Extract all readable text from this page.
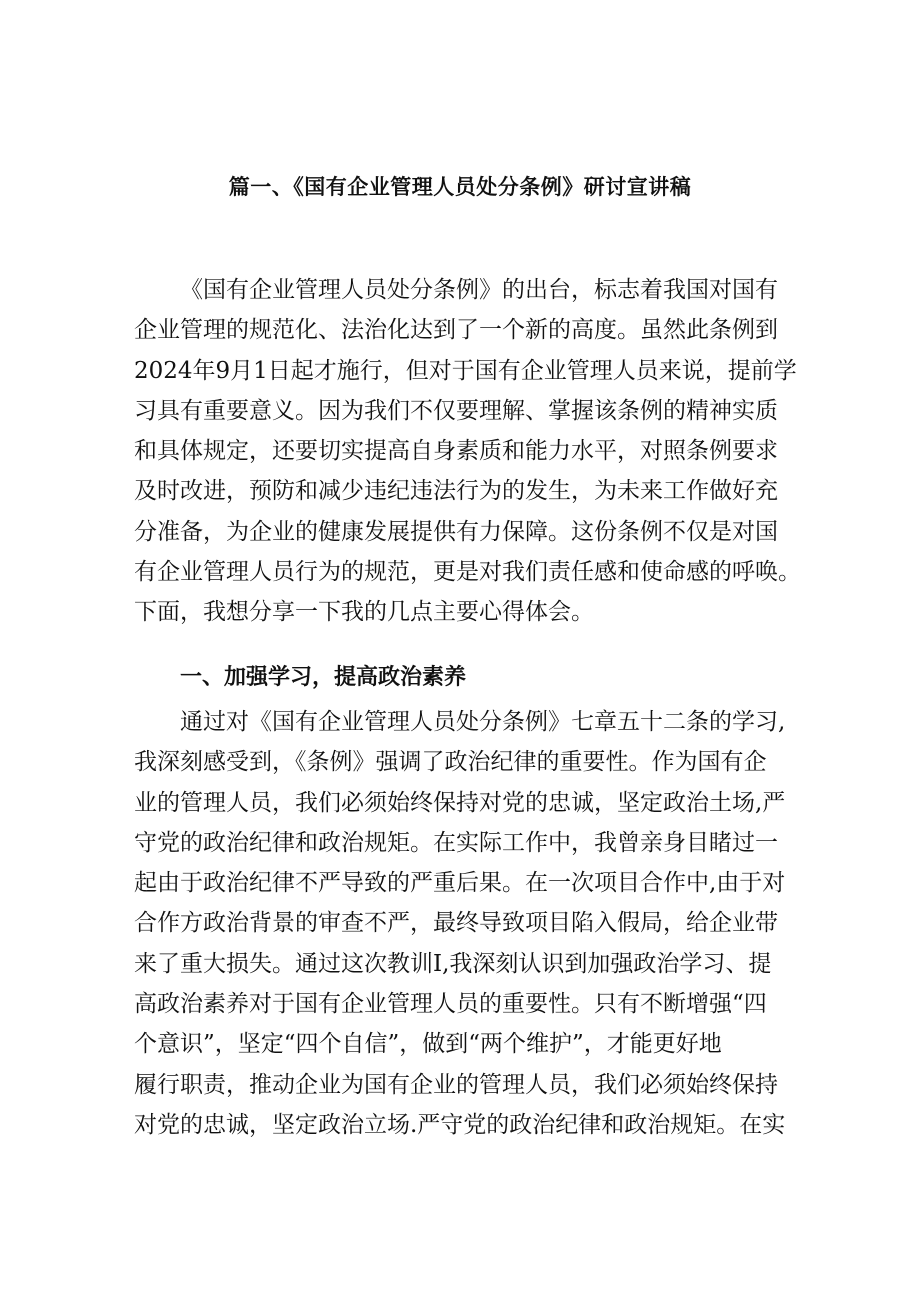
篇一、《国有企业管理人员处分条例》研讨宣讲稿
《国有企业管理人员处分条例》的出台，标志着我国对国有
企业管理的规范化、法治化达到了一个新的高度。虽然此条例到
2024年9月1日起才施行，但对于国有企业管理人员来说，提前学
习具有重要意义。因为我们不仅要理解、掌握该条例的精神实质
和具体规定，还要切实提高自身素质和能力水平，对照条例要求
及时改进，预防和减少违纪违法行为的发生，为未来工作做好充
分准备，为企业的健康发展提供有力保障。这份条例不仅是对国
有企业管理人员行为的规范，更是对我们责任感和使命感的呼唤。
下面，我想分享一下我的几点主要心得体会。
一、加强学习，提高政治素养
通过对《国有企业管理人员处分条例》七章五十二条的学习,
我深刻感受到，《条例》强调了政治纪律的重要性。作为国有企
业的管理人员，我们必须始终保持对党的忠诚，坚定政治土场,严
守党的政治纪律和政治规矩。在实际工作中，我曾亲身目睹过一
起由于政治纪律不严导致的严重后果。在一次项目合作中,由于对
合作方政治背景的审查不严，最终导致项目陷入假局，给企业带
来了重大损失。通过这次教训I,我深刻认识到加强政治学习、提
高政治素养对于国有企业管理人员的重要性。只有不断增强“四
个意识”，坚定“四个自信”，做到“两个维护”，才能更好地
履行职责，推动企业为国有企业的管理人员，我们必须始终保持
对党的忠诚，坚定政治立场.严守党的政治纪律和政治规矩。在实
